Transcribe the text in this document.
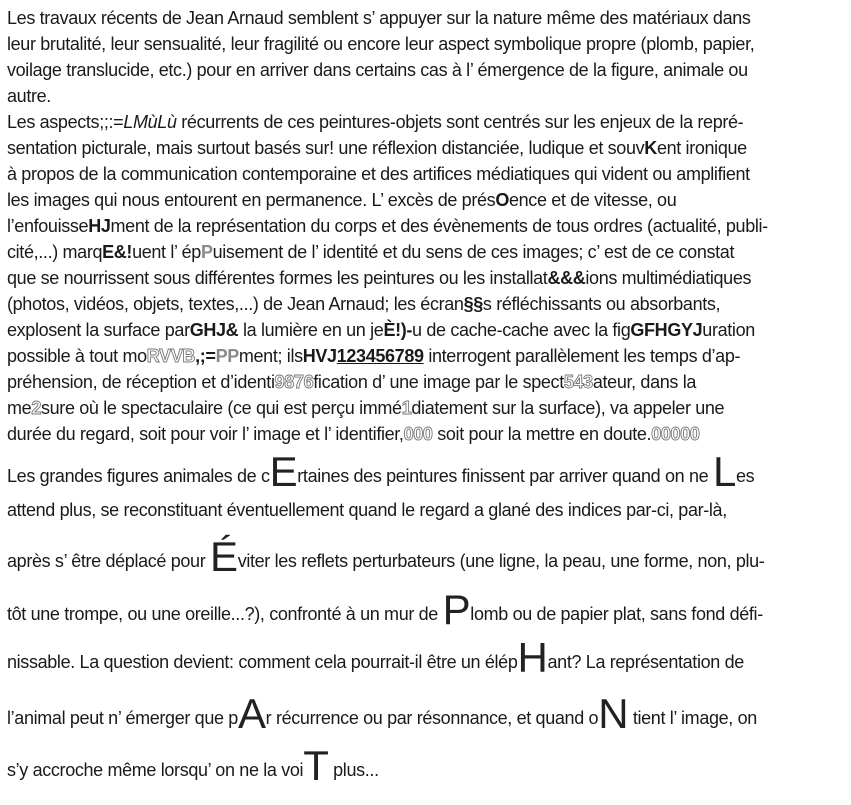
Les travaux récents de Jean Arnaud semblent s’ appuyer sur la nature même des matériaux dans
leur brutalité, leur sensualité, leur fragilité ou encore leur aspect symbolique propre (plomb, papier,
voilage translucide, etc.) pour en arriver dans certains cas à l’ émergence de la figure, animale ou
autre.
Les aspects;;:=LMùLù récurrents de ces peintures-objets sont centrés sur les enjeux de la repré-
sentation picturale, mais surtout basés sur! une réflexion distanciée, ludique et souvKent ironique
à propos de la communication contemporaine et des artifices médiatiques qui vident ou amplifient
les images qui nous entourent en permanence. L’ excès de présOence et de vitesse, ou
l’enfouisseHJment de la représentation du corps et des évènements de tous ordres (actualité, publi-
cité,...) marqE&!uent l’ épPuisement de l’ identité et du sens de ces images; c’ est de ce constat
que se nourrissent sous différentes formes les peintures ou les installat&&&ions multimédiatiques
(photos, vidéos, objets, textes,...) de Jean Arnaud; les écran§§s réfléchissants ou absorbants,
explosent la surface parGHJ& la lumière en un jeÈ!)-u de cache-cache avec la figGFHGYJuration
possible à tout moRVVB,;=PPment; ilsHVJ123456789 interrogent parallèlement les temps d’ap-
préhension, de réception et d’identi9876fication d’ une image par le spect543ateur, dans la
me2sure où le spectaculaire (ce qui est perçu immé1diatement sur la surface), va appeler une
durée du regard, soit pour voir l’ image et l’ identifier,000 soit pour la mettre en doute.00000
Les grandes figures animales de cErtaines des peintures finissent par arriver quand on ne Les
attend plus, se reconstituant éventuellement quand le regard a glané des indices par-ci, par-là,
après s’ être déplacé pour Éviter les reflets perturbateurs (une ligne, la peau, une forme, non, plu-
tôt une trompe, ou une oreille...?), confronté à un mur de Plomb ou de papier plat, sans fond défi-
nissable. La question devient: comment cela pourrait-il être un élépHant? La représentation de
l’animal peut n’ émerger que pAr récurrence ou par résonnance, et quand oN tient l’ image, on
s’y accroche même lorsqu’ on ne la voiT plus...
